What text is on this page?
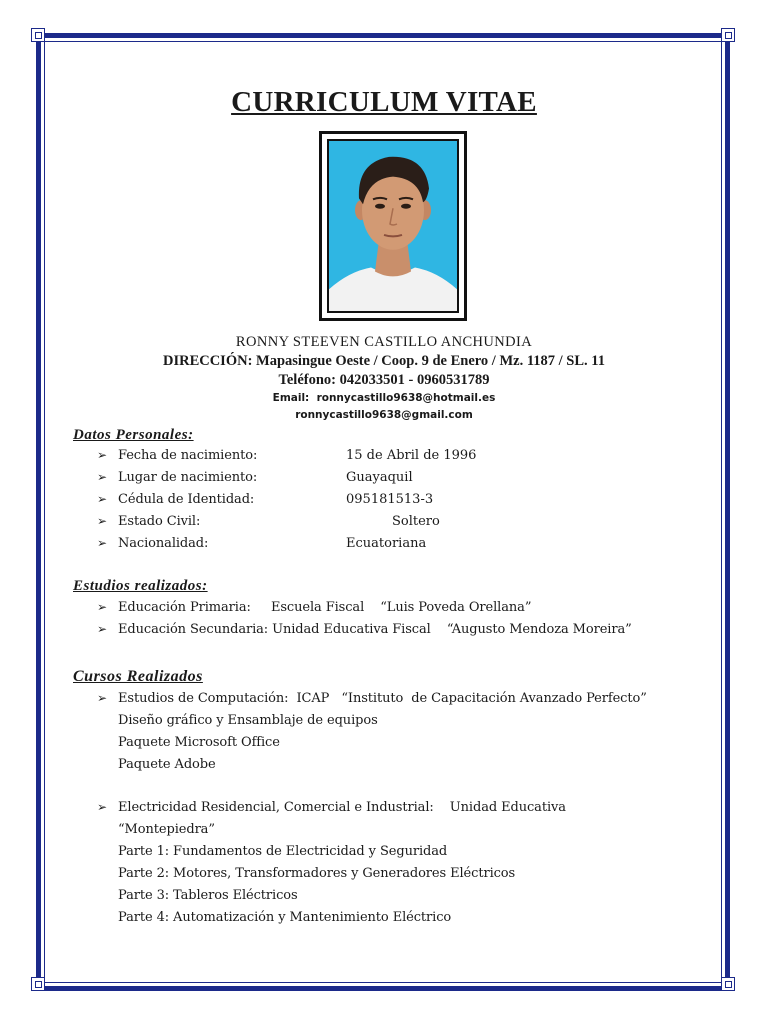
CURRICULUM VITAE
RONNY STEEVEN CASTILLO ANCHUNDIA
DIRECCIÓN: Mapasingue Oeste / Coop. 9 de Enero / Mz. 1187 / SL. 11
Teléfono: 042033501 - 0960531789
Email:  ronnycastillo9638@hotmail.es
ronnycastillo9638@gmail.com
Datos Personales:
➢ Fecha de nacimiento:	15 de Abril de 1996
➢ Lugar de nacimiento:	Guayaquil
➢ Cédula de Identidad:	095181513-3
➢ Estado Civil:	Soltero
➢ Nacionalidad:	Ecuatoriana
Estudios realizados:
➢ Educación Primaria:     Escuela Fiscal    “Luis Poveda Orellana”
➢ Educación Secundaria: Unidad Educativa Fiscal    “Augusto Mendoza Moreira”
Cursos Realizados
➢ Estudios de Computación:  ICAP   “Instituto  de Capacitación Avanzado Perfecto”
Diseño gráfico y Ensamblaje de equipos
Paquete Microsoft Office
Paquete Adobe
➢ Electricidad Residencial, Comercial e Industrial:    Unidad Educativa
“Montepiedra”
Parte 1: Fundamentos de Electricidad y Seguridad
Parte 2: Motores, Transformadores y Generadores Eléctricos
Parte 3: Tableros Eléctricos
Parte 4: Automatización y Mantenimiento Eléctrico
